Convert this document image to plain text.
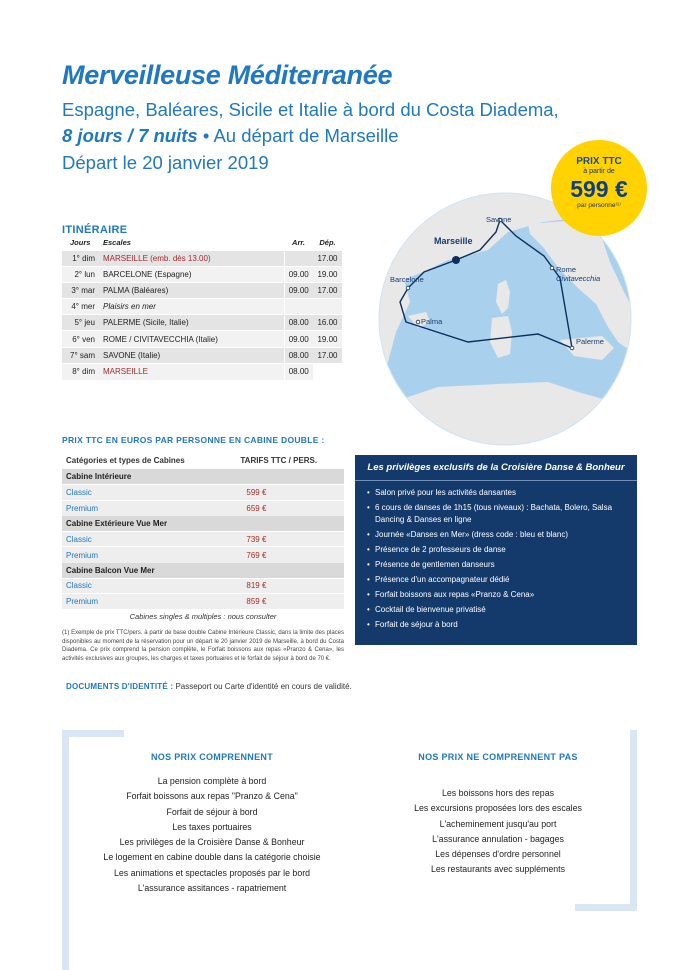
Merveilleuse Méditerranée
Espagne, Baléares, Sicile et Italie à bord du Costa Diadema,
8 jours / 7 nuits • Au départ de Marseille
Départ le 20 janvier 2019	PRIX TTC
à partir de
599 €
par personne⁽¹⁾
Marseille
Savone
Barcelone
Rome
Civitavecchia
Palma
Palerme
ITINÉRAIRE
Jours	Escales	Arr.	Dép.
1° dim	MARSEILLE (emb. dès 13.00)		17.00
2° lun	BARCELONE (Espagne)	09.00	19.00
3° mar	PALMA (Baléares)	09.00	17.00
4° mer	Plaisirs en mer		
5° jeu	PALERME (Sicile, Italie)	08.00	16.00
6° ven	ROME / CIVITAVECCHIA (Italie)	09.00	19.00
7° sam	SAVONE (Italie)	08.00	17.00
8° dim	MARSEILLE	08.00	
PRIX TTC EN EUROS PAR PERSONNE EN CABINE DOUBLE :
Catégories et types de Cabines	TARIFS TTC / PERS.
Cabine Intérieure	
Classic	599 €
Premium	659 €
Cabine Extérieure Vue Mer	
Classic	739 €
Premium	769 €
Cabine Balcon Vue Mer	
Classic	819 €
Premium	859 €
Cabines singles & multiples : nous consulter
(1) Exemple de prix TTC/pers. à partir de base double Cabine Intérieure Classic, dans la limite des places disponibles au moment de la réservation pour un départ le 20 janvier 2019 de Marseille, à bord du Costa Diadema. Ce prix comprend la pension complète, le Forfait boissons aux repas «Pranzo & Cena», les activités exclusives aux groupes, les charges et taxes portuaires et le forfait de séjour à bord de 70 €.
DOCUMENTS D'IDENTITÉ : Passeport ou Carte d'identité en cours de validité.
Les privilèges exclusifs de la Croisière Danse & Bonheur
• Salon privé pour les activités dansantes
• 6 cours de danses de 1h15 (tous niveaux) : Bachata, Bolero, Salsa Dancing & Danses en ligne
• Journée «Danses en Mer» (dress code : bleu et blanc)
• Présence de 2 professeurs de danse
• Présence de gentlemen danseurs
• Présence d'un accompagnateur dédié
• Forfait boissons aux repas «Pranzo & Cena»
• Cocktail de bienvenue privatisé
• Forfait de séjour à bord
NOS PRIX COMPRENNENT
La pension complète à bord
Forfait boissons aux repas "Pranzo & Cena"
Forfait de séjour à bord
Les taxes portuaires
Les privilèges de la Croisière Danse & Bonheur
Le logement en cabine double dans la catégorie choisie
Les animations et spectacles proposés par le bord
L'assurance assitances - rapatriement
NOS PRIX NE COMPRENNENT PAS
Les boissons hors des repas
Les excursions proposées lors des escales
L'acheminement jusqu'au port
L'assurance annulation - bagages
Les dépenses d'ordre personnel
Les restaurants avec suppléments
